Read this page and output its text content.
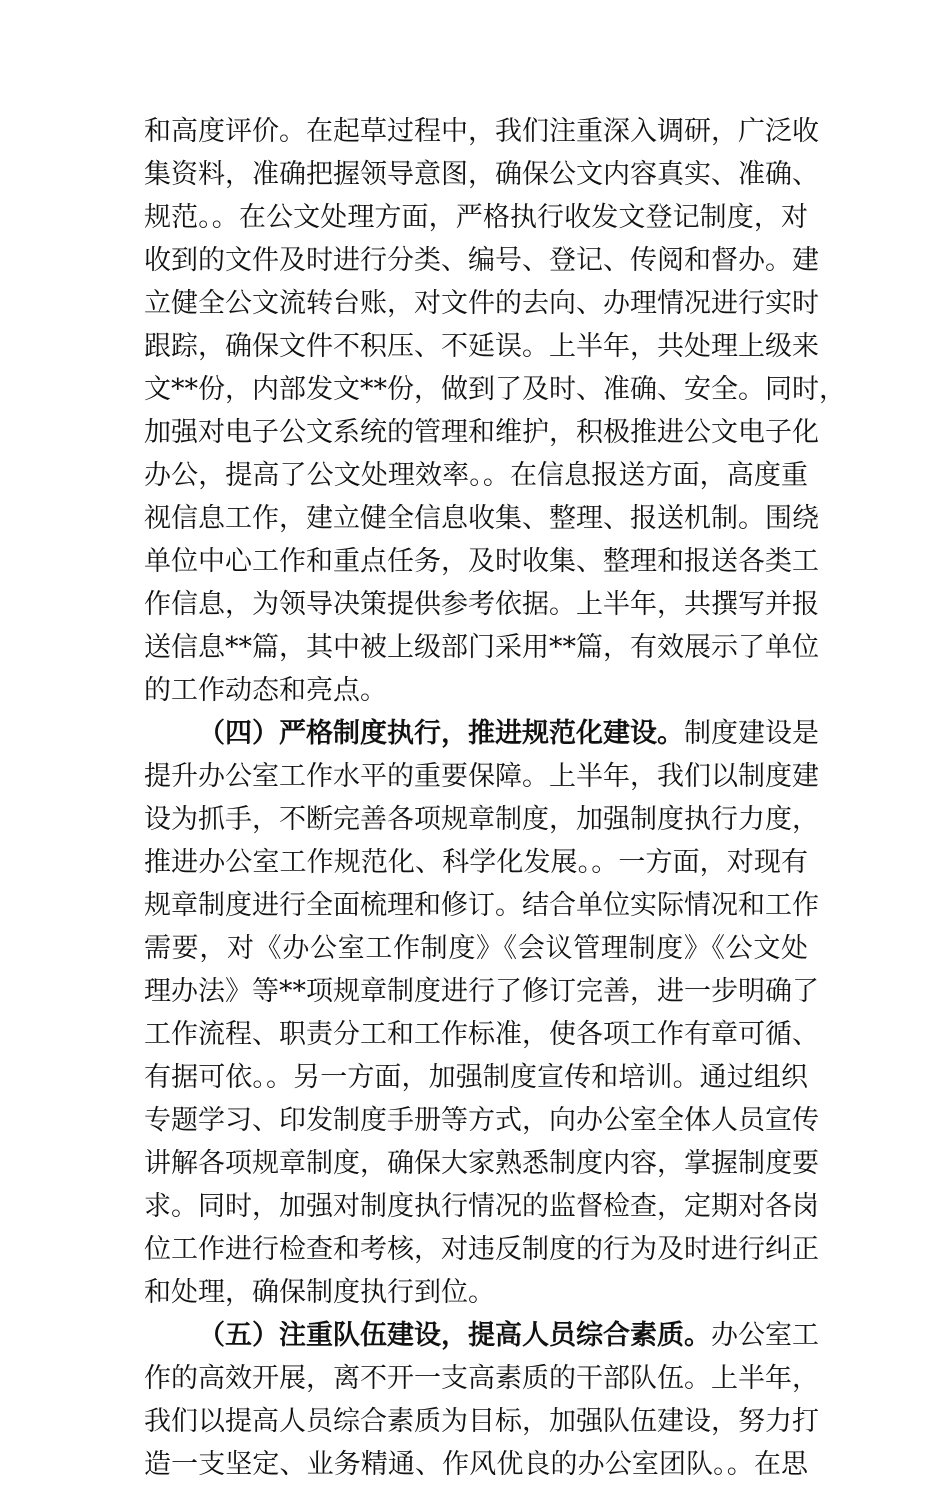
和高度评价。在起草过程中，我们注重深入调研，广泛收
集资料，准确把握领导意图，确保公文内容真实、准确、
规范。。在公文处理方面，严格执行收发文登记制度，对
收到的文件及时进行分类、编号、登记、传阅和督办。建
立健全公文流转台账，对文件的去向、办理情况进行实时
跟踪，确保文件不积压、不延误。上半年，共处理上级来
文**份，内部发文**份，做到了及时、准确、安全。同时，
加强对电子公文系统的管理和维护，积极推进公文电子化
办公，提高了公文处理效率。。在信息报送方面，高度重
视信息工作，建立健全信息收集、整理、报送机制。围绕
单位中心工作和重点任务，及时收集、整理和报送各类工
作信息，为领导决策提供参考依据。上半年，共撰写并报
送信息**篇，其中被上级部门采用**篇，有效展示了单位
的工作动态和亮点。
（四）严格制度执行，推进规范化建设。制度建设是
提升办公室工作水平的重要保障。上半年，我们以制度建
设为抓手，不断完善各项规章制度，加强制度执行力度，
推进办公室工作规范化、科学化发展。。一方面，对现有
规章制度进行全面梳理和修订。结合单位实际情况和工作
需要，对《办公室工作制度》《会议管理制度》《公文处
理办法》等**项规章制度进行了修订完善，进一步明确了
工作流程、职责分工和工作标准，使各项工作有章可循、
有据可依。。另一方面，加强制度宣传和培训。通过组织
专题学习、印发制度手册等方式，向办公室全体人员宣传
讲解各项规章制度，确保大家熟悉制度内容，掌握制度要
求。同时，加强对制度执行情况的监督检查，定期对各岗
位工作进行检查和考核，对违反制度的行为及时进行纠正
和处理，确保制度执行到位。
（五）注重队伍建设，提高人员综合素质。办公室工
作的高效开展，离不开一支高素质的干部队伍。上半年，
我们以提高人员综合素质为目标，加强队伍建设，努力打
造一支坚定、业务精通、作风优良的办公室团队。。在思
